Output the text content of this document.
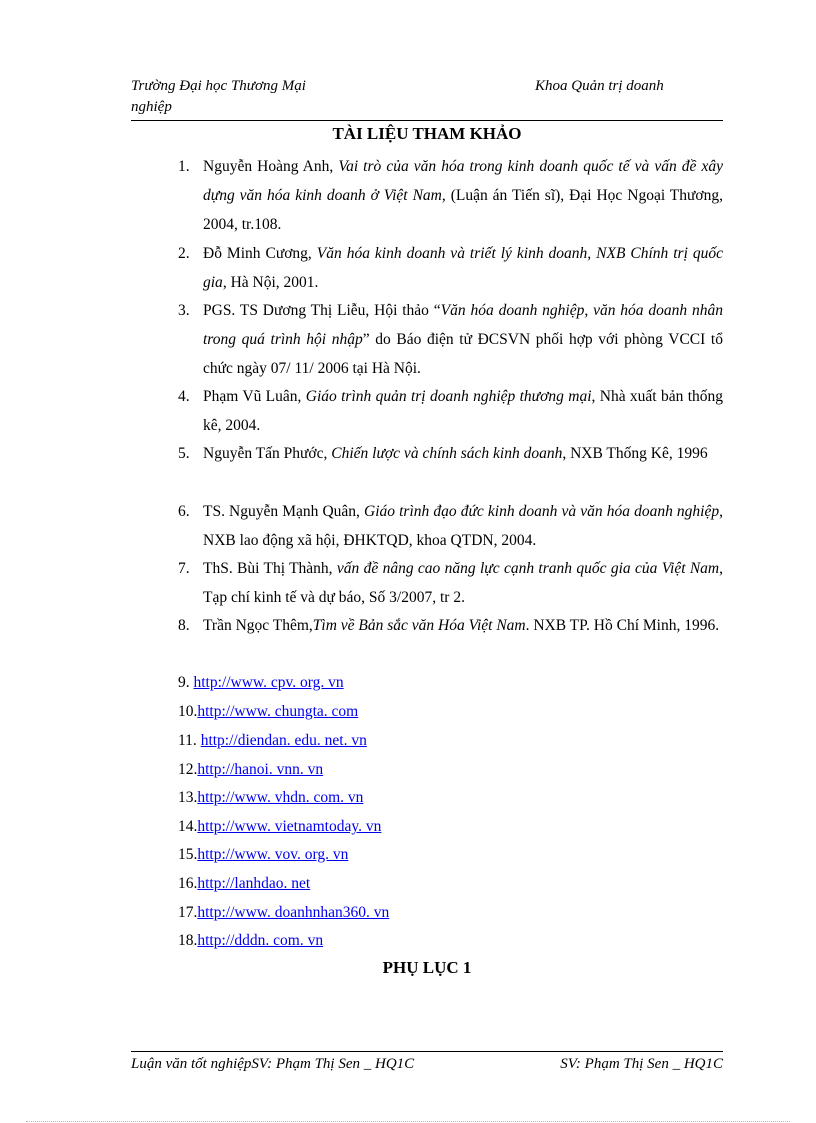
Trường Đại học Thương Mại	Khoa Quản trị doanh
nghiệp
TÀI LIỆU THAM KHẢO
1. Nguyễn Hoàng Anh, Vai trò của văn hóa trong kinh doanh quốc tế và vấn đề xây dựng văn hóa kinh doanh ở Việt Nam, (Luận án Tiến sĩ), Đại Học Ngoại Thương, 2004, tr.108.
2. Đỗ Minh Cương, Văn hóa kinh doanh và triết lý kinh doanh, NXB Chính trị quốc gia, Hà Nội, 2001.
3. PGS. TS Dương Thị Liễu, Hội thảo “Văn hóa doanh nghiệp, văn hóa doanh nhân trong quá trình hội nhập” do Báo điện tử ĐCSVN phối hợp với phòng VCCI tổ chức ngày 07/ 11/ 2006 tại Hà Nội.
4. Phạm Vũ Luân, Giáo trình quản trị doanh nghiệp thương mại, Nhà xuất bản thống kê, 2004.
5. Nguyễn Tấn Phước, Chiến lược và chính sách kinh doanh, NXB Thống Kê, 1996
6. TS. Nguyễn Mạnh Quân, Giáo trình đạo đức kinh doanh và văn hóa doanh nghiệp, NXB lao động xã hội, ĐHKTQD, khoa QTDN, 2004.
7. ThS. Bùi Thị Thành, vấn đề nâng cao năng lực cạnh tranh quốc gia của Việt Nam, Tạp chí kinh tế và dự báo, Số 3/2007, tr 2.
8. Trần Ngọc Thêm,Tìm về Bản sắc văn Hóa Việt Nam. NXB TP. Hồ Chí Minh, 1996.
9. http://www. cpv. org. vn
10.http://www. chungta. com
11. http://diendan. edu. net. vn
12.http://hanoi. vnn. vn
13.http://www. vhdn. com. vn
14.http://www. vietnamtoday. vn
15.http://www. vov. org. vn
16.http://lanhdao. net
17.http://www. doanhnhan360. vn
18.http://dddn. com. vn
PHỤ LỤC 1
Luận văn tốt nghiệpSV: Phạm Thị Sen _ HQ1C	SV: Phạm Thị Sen _ HQ1C
